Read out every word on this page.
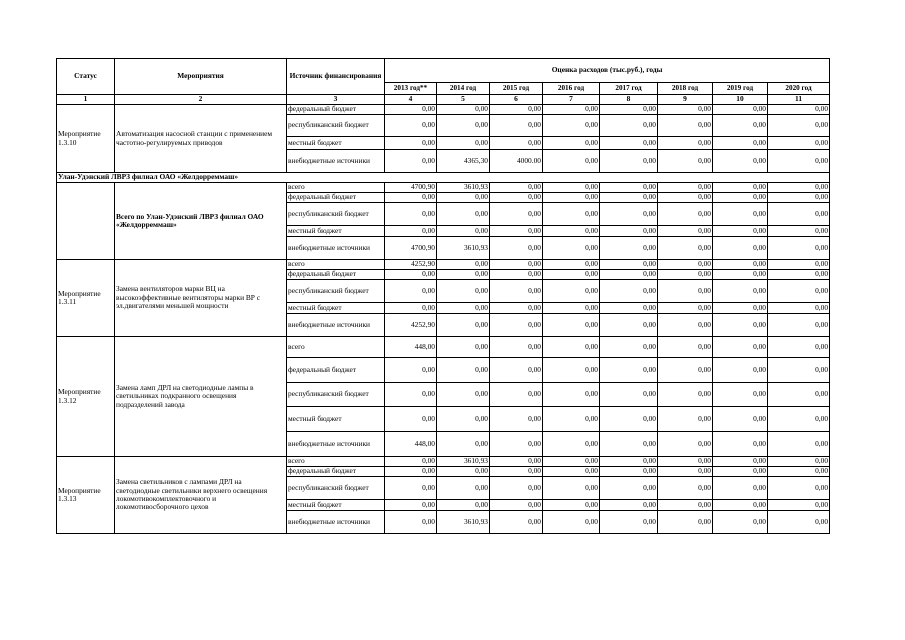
Статус	Мероприятия	Источник финансирования	Оценка расходов (тыс.руб.), годы							
			2013 год**	2014 год	2015 год	2016 год	2017 год	2018 год	2019 год	2020 год
1	2	3	4	5	6	7	8	9	10	11
Мероприятие 1.3.10	Автоматизация насосной станции с применением частотно-регулируемых приводов	федеральный бюджет	0,00	0,00	0,00	0,00	0,00	0,00	0,00	0,00
		республиканский бюджет	0,00	0,00	0,00	0,00	0,00	0,00	0,00	0,00
		местный бюджет	0,00	0,00	0,00	0,00	0,00	0,00	0,00	0,00
		внебюджетные источники	0,00	4365,30	4000.00	0,00	0,00	0,00	0,00	0,00
Улан-Удэнский ЛВРЗ филиал ОАО «Желдорреммаш»										
	Всего по Улан-Удэнский ЛВРЗ филиал ОАО «Желдорреммаш»	всего	4700,90	3610,93	0,00	0,00	0,00	0,00	0,00	0,00
		федеральный бюджет	0,00	0,00	0,00	0,00	0,00	0,00	0,00	0,00
		республиканский бюджет	0,00	0,00	0,00	0,00	0,00	0,00	0,00	0,00
		местный бюджет	0,00	0,00	0,00	0,00	0,00	0,00	0,00	0,00
		внебюджетные источники	4700,90	3610,93	0,00	0,00	0,00	0,00	0,00	0,00
Мероприятие 1.3.11	Замена вентиляторов марки ВЦ на высокоэффективные вентиляторы марки ВР с эл.двигателями меньшей мощности	всего	4252,90	0,00	0,00	0,00	0,00	0,00	0,00	0,00
		федеральный бюджет	0,00	0,00	0,00	0,00	0,00	0,00	0,00	0,00
		республиканский бюджет	0,00	0,00	0,00	0,00	0,00	0,00	0,00	0,00
		местный бюджет	0,00	0,00	0,00	0,00	0,00	0,00	0,00	0,00
		внебюджетные источники	4252,90	0,00	0,00	0,00	0,00	0,00	0,00	0,00
Мероприятие 1.3.12	Замена ламп ДРЛ на светодиодные лампы в светильниках подкранного освещения подразделений завода	всего	448,00	0,00	0,00	0,00	0,00	0,00	0,00	0,00
		федеральный бюджет	0,00	0,00	0,00	0,00	0,00	0,00	0,00	0,00
		республиканский бюджет	0,00	0,00	0,00	0,00	0,00	0,00	0,00	0,00
		местный бюджет	0,00	0,00	0,00	0,00	0,00	0,00	0,00	0,00
		внебюджетные источники	448,00	0,00	0,00	0,00	0,00	0,00	0,00	0,00
Мероприятие 1.3.13	Замена светильников с лампами ДРЛ на светодиодные светильники верхнего освещения локомотивокомплектовочного и локомотивосборочного цехов	всего	0,00	3610,93	0,00	0,00	0,00	0,00	0,00	0,00
		федеральный бюджет	0,00	0,00	0,00	0,00	0,00	0,00	0,00	0,00
		республиканский бюджет	0,00	0,00	0,00	0,00	0,00	0,00	0,00	0,00
		местный бюджет	0,00	0,00	0,00	0,00	0,00	0,00	0,00	0,00
		внебюджетные источники	0,00	3610,93	0,00	0,00	0,00	0,00	0,00	0,00
